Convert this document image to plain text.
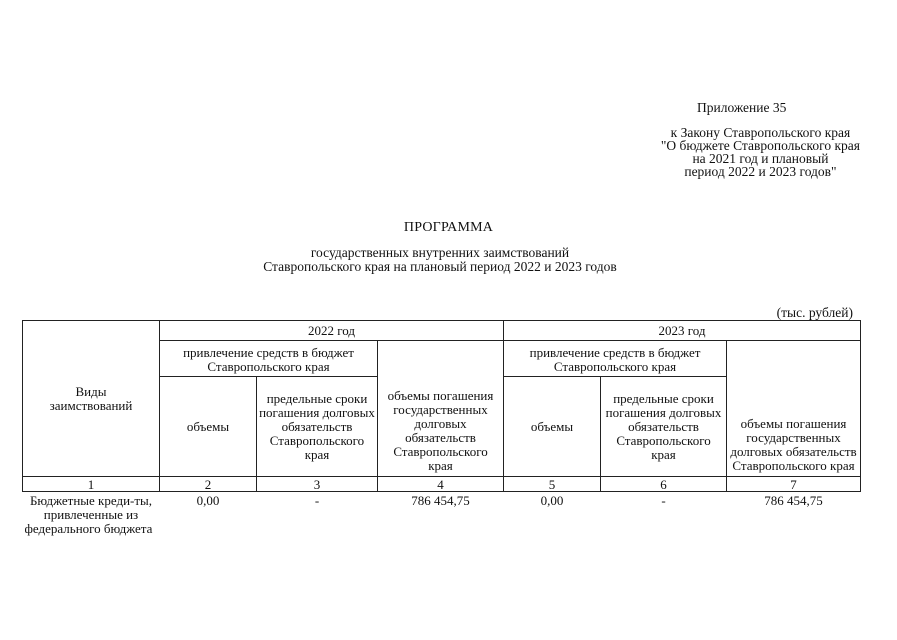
Приложение 35
к Закону Ставропольского края
"О бюджете Ставропольского края
на 2021 год и плановый
период 2022 и 2023 годов"
ПРОГРАММА
государственных внутренних заимствований
Ставропольского края на плановый период 2022 и 2023 годов
(тыс. рублей)
Виды заимствований	2022 год			2023 год		
	привлечение средств в бюджет Ставропольского края		объемы погашения государственных долговых обязательств Ставропольского края	привлечение средств в бюджет Ставропольского края		объемы погашения государственных долговых обязательств Ставропольского края
	объемы	предельные сроки погашения долговых обязательств Ставропольского края		объемы	предельные сроки погашения долговых обязательств Ставропольского края	
1	2	3	4	5	6	7
Бюджетные креди-ты, привлеченные из федерального бюджета	0,00	-	786 454,75	0,00	-	786 454,75
